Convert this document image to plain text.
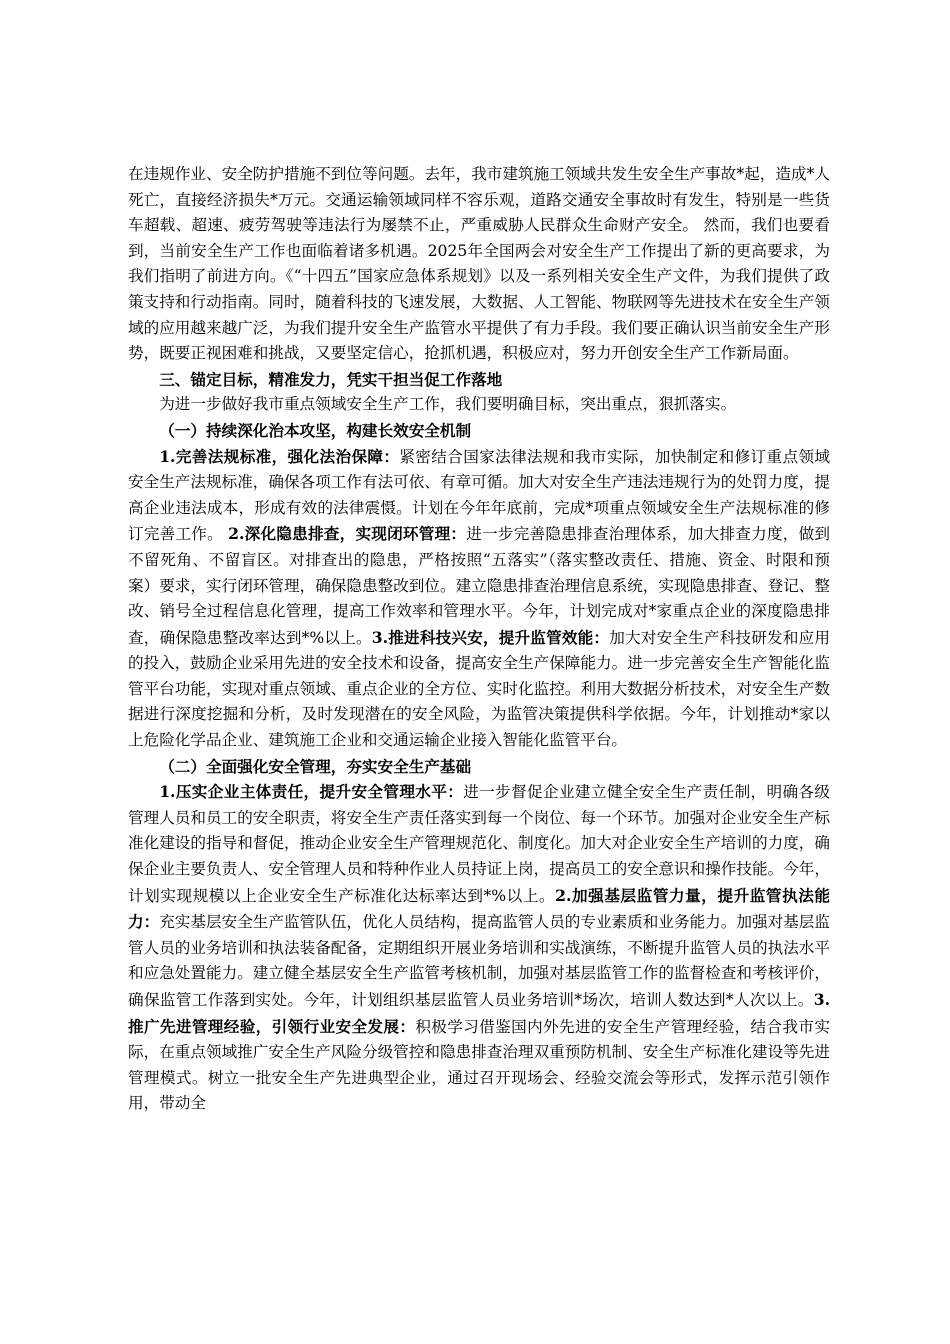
在违规作业、安全防护措施不到位等问题。去年，我市建筑施工领域共发生安全生产事故*起，造成*人死亡，直接经济损失*万元。交通运输领域同样不容乐观，道路交通安全事故时有发生，特别是一些货车超载、超速、疲劳驾驶等违法行为屡禁不止，严重威胁人民群众生命财产安全。 然而，我们也要看到，当前安全生产工作也面临着诸多机遇。2025年全国两会对安全生产工作提出了新的更高要求，为我们指明了前进方向。《“十四五”国家应急体系规划》以及一系列相关安全生产文件，为我们提供了政策支持和行动指南。同时，随着科技的飞速发展，大数据、人工智能、物联网等先进技术在安全生产领域的应用越来越广泛，为我们提升安全生产监管水平提供了有力手段。我们要正确认识当前安全生产形势，既要正视困难和挑战，又要坚定信心，抢抓机遇，积极应对，努力开创安全生产工作新局面。

三、锚定目标，精准发力，凭实干担当促工作落地

为进一步做好我市重点领域安全生产工作，我们要明确目标，突出重点，狠抓落实。

（一）持续深化治本攻坚，构建长效安全机制

1.完善法规标准，强化法治保障：紧密结合国家法律法规和我市实际，加快制定和修订重点领域安全生产法规标准，确保各项工作有法可依、有章可循。加大对安全生产违法违规行为的处罚力度，提高企业违法成本，形成有效的法律震慑。计划在今年年底前，完成*项重点领域安全生产法规标准的修订完善工作。 2.深化隐患排查，实现闭环管理：进一步完善隐患排查治理体系，加大排查力度，做到不留死角、不留盲区。对排查出的隐患，严格按照“五落实”（落实整改责任、措施、资金、时限和预案）要求，实行闭环管理，确保隐患整改到位。建立隐患排查治理信息系统，实现隐患排查、登记、整改、销号全过程信息化管理，提高工作效率和管理水平。今年，计划完成对*家重点企业的深度隐患排查，确保隐患整改率达到*%以上。3.推进科技兴安，提升监管效能：加大对安全生产科技研发和应用的投入，鼓励企业采用先进的安全技术和设备，提高安全生产保障能力。进一步完善安全生产智能化监管平台功能，实现对重点领域、重点企业的全方位、实时化监控。利用大数据分析技术，对安全生产数据进行深度挖掘和分析，及时发现潜在的安全风险，为监管决策提供科学依据。今年，计划推动*家以上危险化学品企业、建筑施工企业和交通运输企业接入智能化监管平台。

（二）全面强化安全管理，夯实安全生产基础

1.压实企业主体责任，提升安全管理水平：进一步督促企业建立健全安全生产责任制，明确各级管理人员和员工的安全职责，将安全生产责任落实到每一个岗位、每一个环节。加强对企业安全生产标准化建设的指导和督促，推动企业安全生产管理规范化、制度化。加大对企业安全生产培训的力度，确保企业主要负责人、安全管理人员和特种作业人员持证上岗，提高员工的安全意识和操作技能。今年，计划实现规模以上企业安全生产标准化达标率达到*%以上。2.加强基层监管力量，提升监管执法能力：充实基层安全生产监管队伍，优化人员结构，提高监管人员的专业素质和业务能力。加强对基层监管人员的业务培训和执法装备配备，定期组织开展业务培训和实战演练，不断提升监管人员的执法水平和应急处置能力。建立健全基层安全生产监管考核机制，加强对基层监管工作的监督检查和考核评价，确保监管工作落到实处。今年，计划组织基层监管人员业务培训*场次，培训人数达到*人次以上。3.推广先进管理经验，引领行业安全发展：积极学习借鉴国内外先进的安全生产管理经验，结合我市实际，在重点领域推广安全生产风险分级管控和隐患排查治理双重预防机制、安全生产标准化建设等先进管理模式。树立一批安全生产先进典型企业，通过召开现场会、经验交流会等形式，发挥示范引领作用，带动全
